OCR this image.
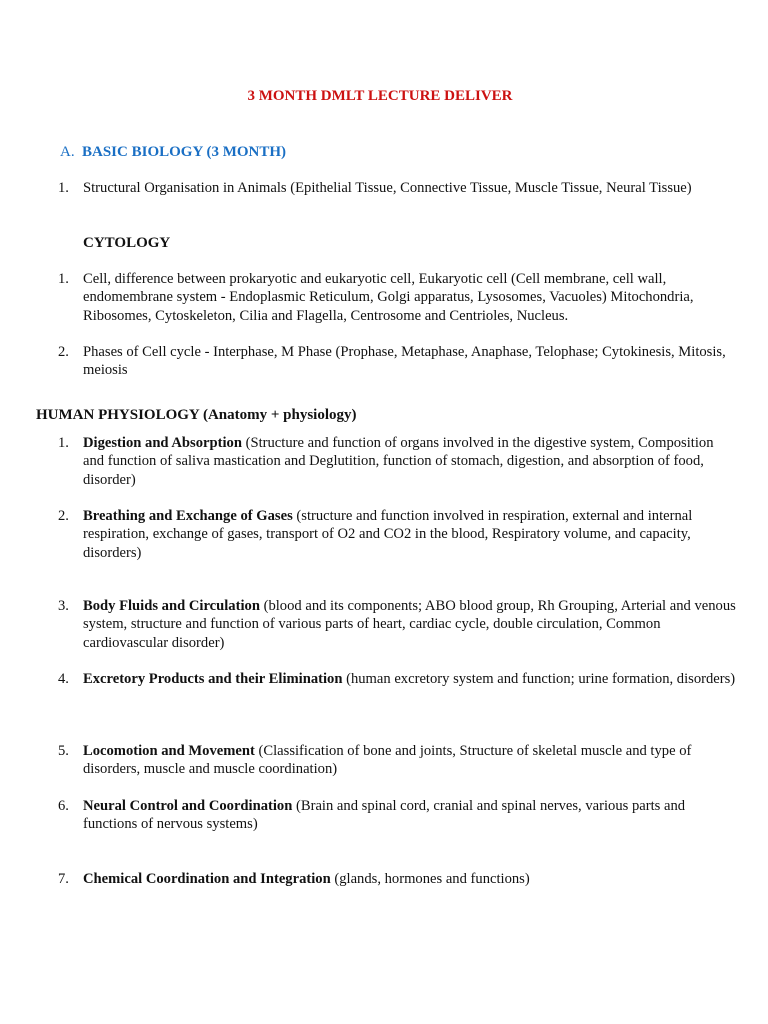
3 MONTH DMLT LECTURE DELIVER
A. BASIC BIOLOGY (3 MONTH)
1. Structural Organisation in Animals (Epithelial Tissue, Connective Tissue, Muscle Tissue, Neural Tissue)
CYTOLOGY
1. Cell, difference between prokaryotic and eukaryotic cell, Eukaryotic cell (Cell membrane, cell wall, endomembrane system - Endoplasmic Reticulum, Golgi apparatus, Lysosomes, Vacuoles) Mitochondria, Ribosomes, Cytoskeleton, Cilia and Flagella, Centrosome and Centrioles, Nucleus.
2. Phases of Cell cycle - Interphase, M Phase (Prophase, Metaphase, Anaphase, Telophase; Cytokinesis, Mitosis, meiosis
HUMAN PHYSIOLOGY (Anatomy + physiology)
1. Digestion and Absorption (Structure and function of organs involved in the digestive system, Composition and function of saliva mastication and Deglutition, function of stomach, digestion, and absorption of food, disorder)
2. Breathing and Exchange of Gases (structure and function involved in respiration, external and internal respiration, exchange of gases, transport of O2 and CO2 in the blood, Respiratory volume, and capacity, disorders)
3. Body Fluids and Circulation (blood and its components; ABO blood group, Rh Grouping, Arterial and venous system, structure and function of various parts of heart, cardiac cycle, double circulation, Common cardiovascular disorder)
4. Excretory Products and their Elimination (human excretory system and function; urine formation, disorders)
5. Locomotion and Movement (Classification of bone and joints, Structure of skeletal muscle and type of disorders, muscle and muscle coordination)
6. Neural Control and Coordination (Brain and spinal cord, cranial and spinal nerves, various parts and functions of nervous systems)
7. Chemical Coordination and Integration (glands, hormones and functions)
